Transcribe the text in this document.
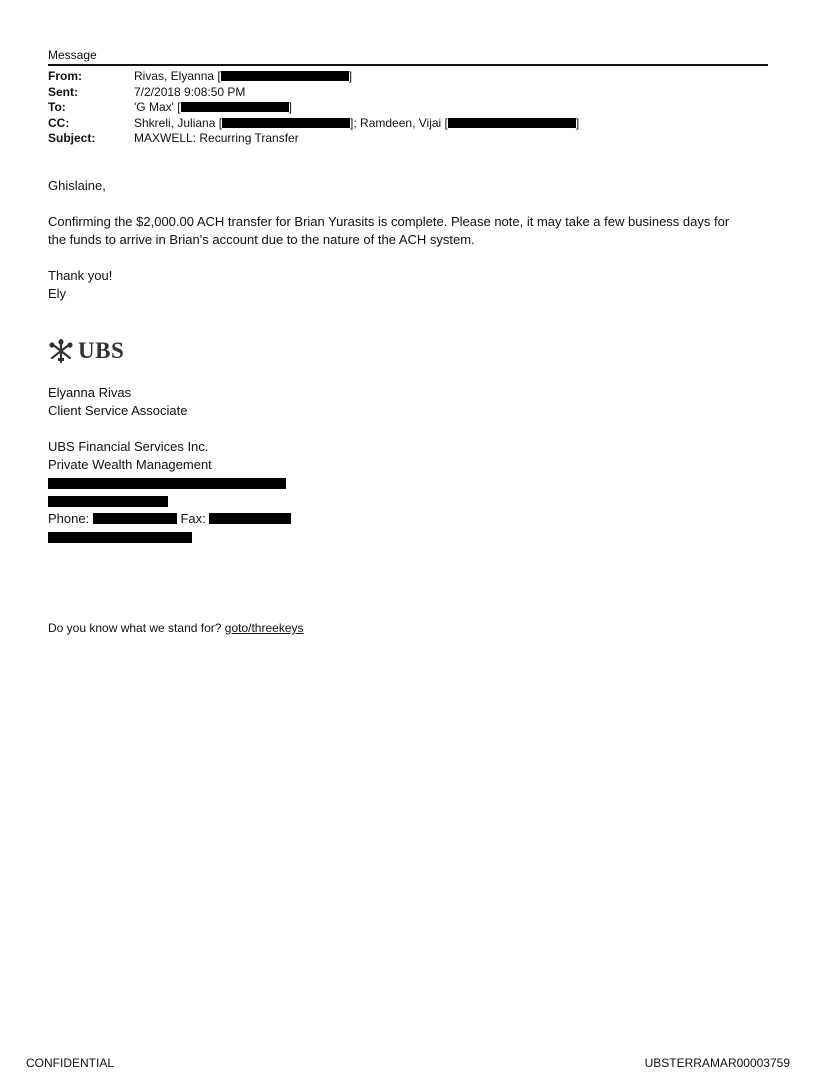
Message
From:	Rivas, Elyanna [	]
Sent:	7/2/2018 9:08:50 PM
To:	'G Max' [	]
CC:	Shkreli, Juliana [	]; Ramdeen, Vijai [	]
Subject:	MAXWELL: Recurring Transfer
Ghislaine,
Confirming the $2,000.00 ACH transfer for Brian Yurasits is complete. Please note, it may take a few business days for
the funds to arrive in Brian's account due to the nature of the ACH system.
Thank you!
Ely
UBS
Elyanna Rivas
Client Service Associate
UBS Financial Services Inc.
Private Wealth Management
Phone:	Fax:
Do you know what we stand for? goto/threekeys
CONFIDENTIAL	UBSTERRAMAR00003759
